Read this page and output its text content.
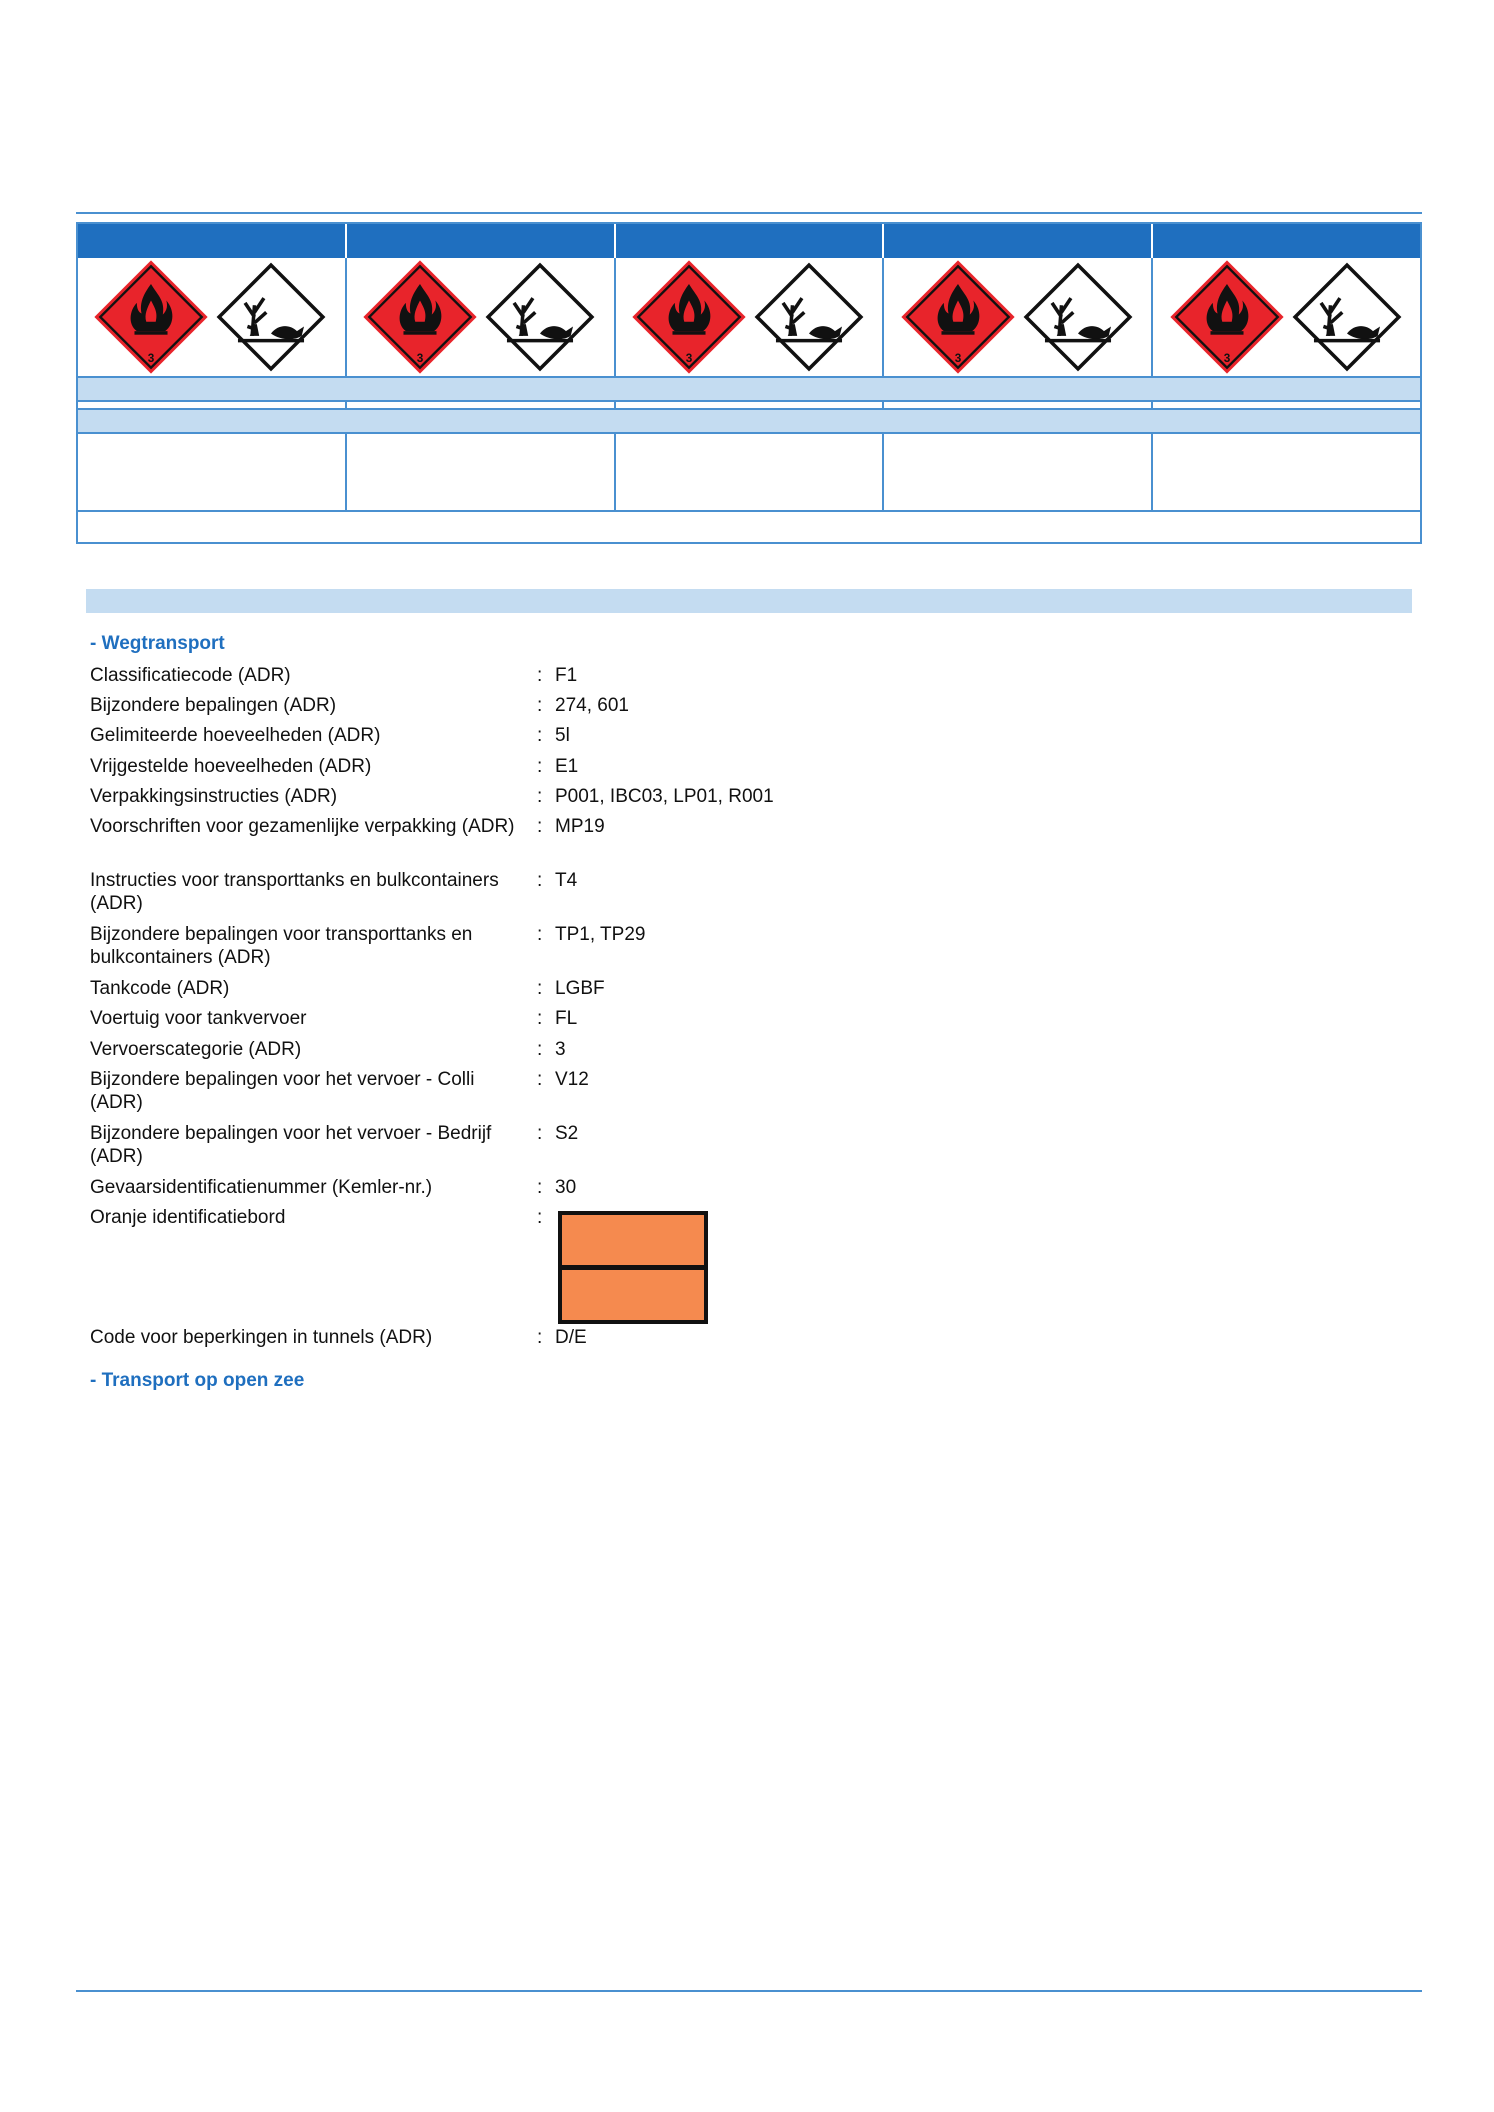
3	3	3	3	3
- Wegtransport
Classificatiecode (ADR)	: F1
Bijzondere bepalingen (ADR)	: 274, 601
Gelimiteerde hoeveelheden (ADR)	: 5l
Vrijgestelde hoeveelheden (ADR)	: E1
Verpakkingsinstructies (ADR)	: P001, IBC03, LP01, R001
Voorschriften voor gezamenlijke verpakking (ADR) : MP19
Instructies voor transporttanks en bulkcontainers (ADR)
: T4
Bijzondere bepalingen voor transporttanks en bulkcontainers (ADR)
: TP1, TP29
Tankcode (ADR)	: LGBF
Voertuig voor tankvervoer	: FL
Vervoerscategorie (ADR)	: 3
Bijzondere bepalingen voor het vervoer - Colli (ADR)
: V12
Bijzondere bepalingen voor het vervoer - Bedrijf (ADR)
: S2
Gevaarsidentificatienummer (Kemler-nr.)	: 30
Oranje identificatiebord	:
Code voor beperkingen in tunnels (ADR)	: D/E
- Transport op open zee
